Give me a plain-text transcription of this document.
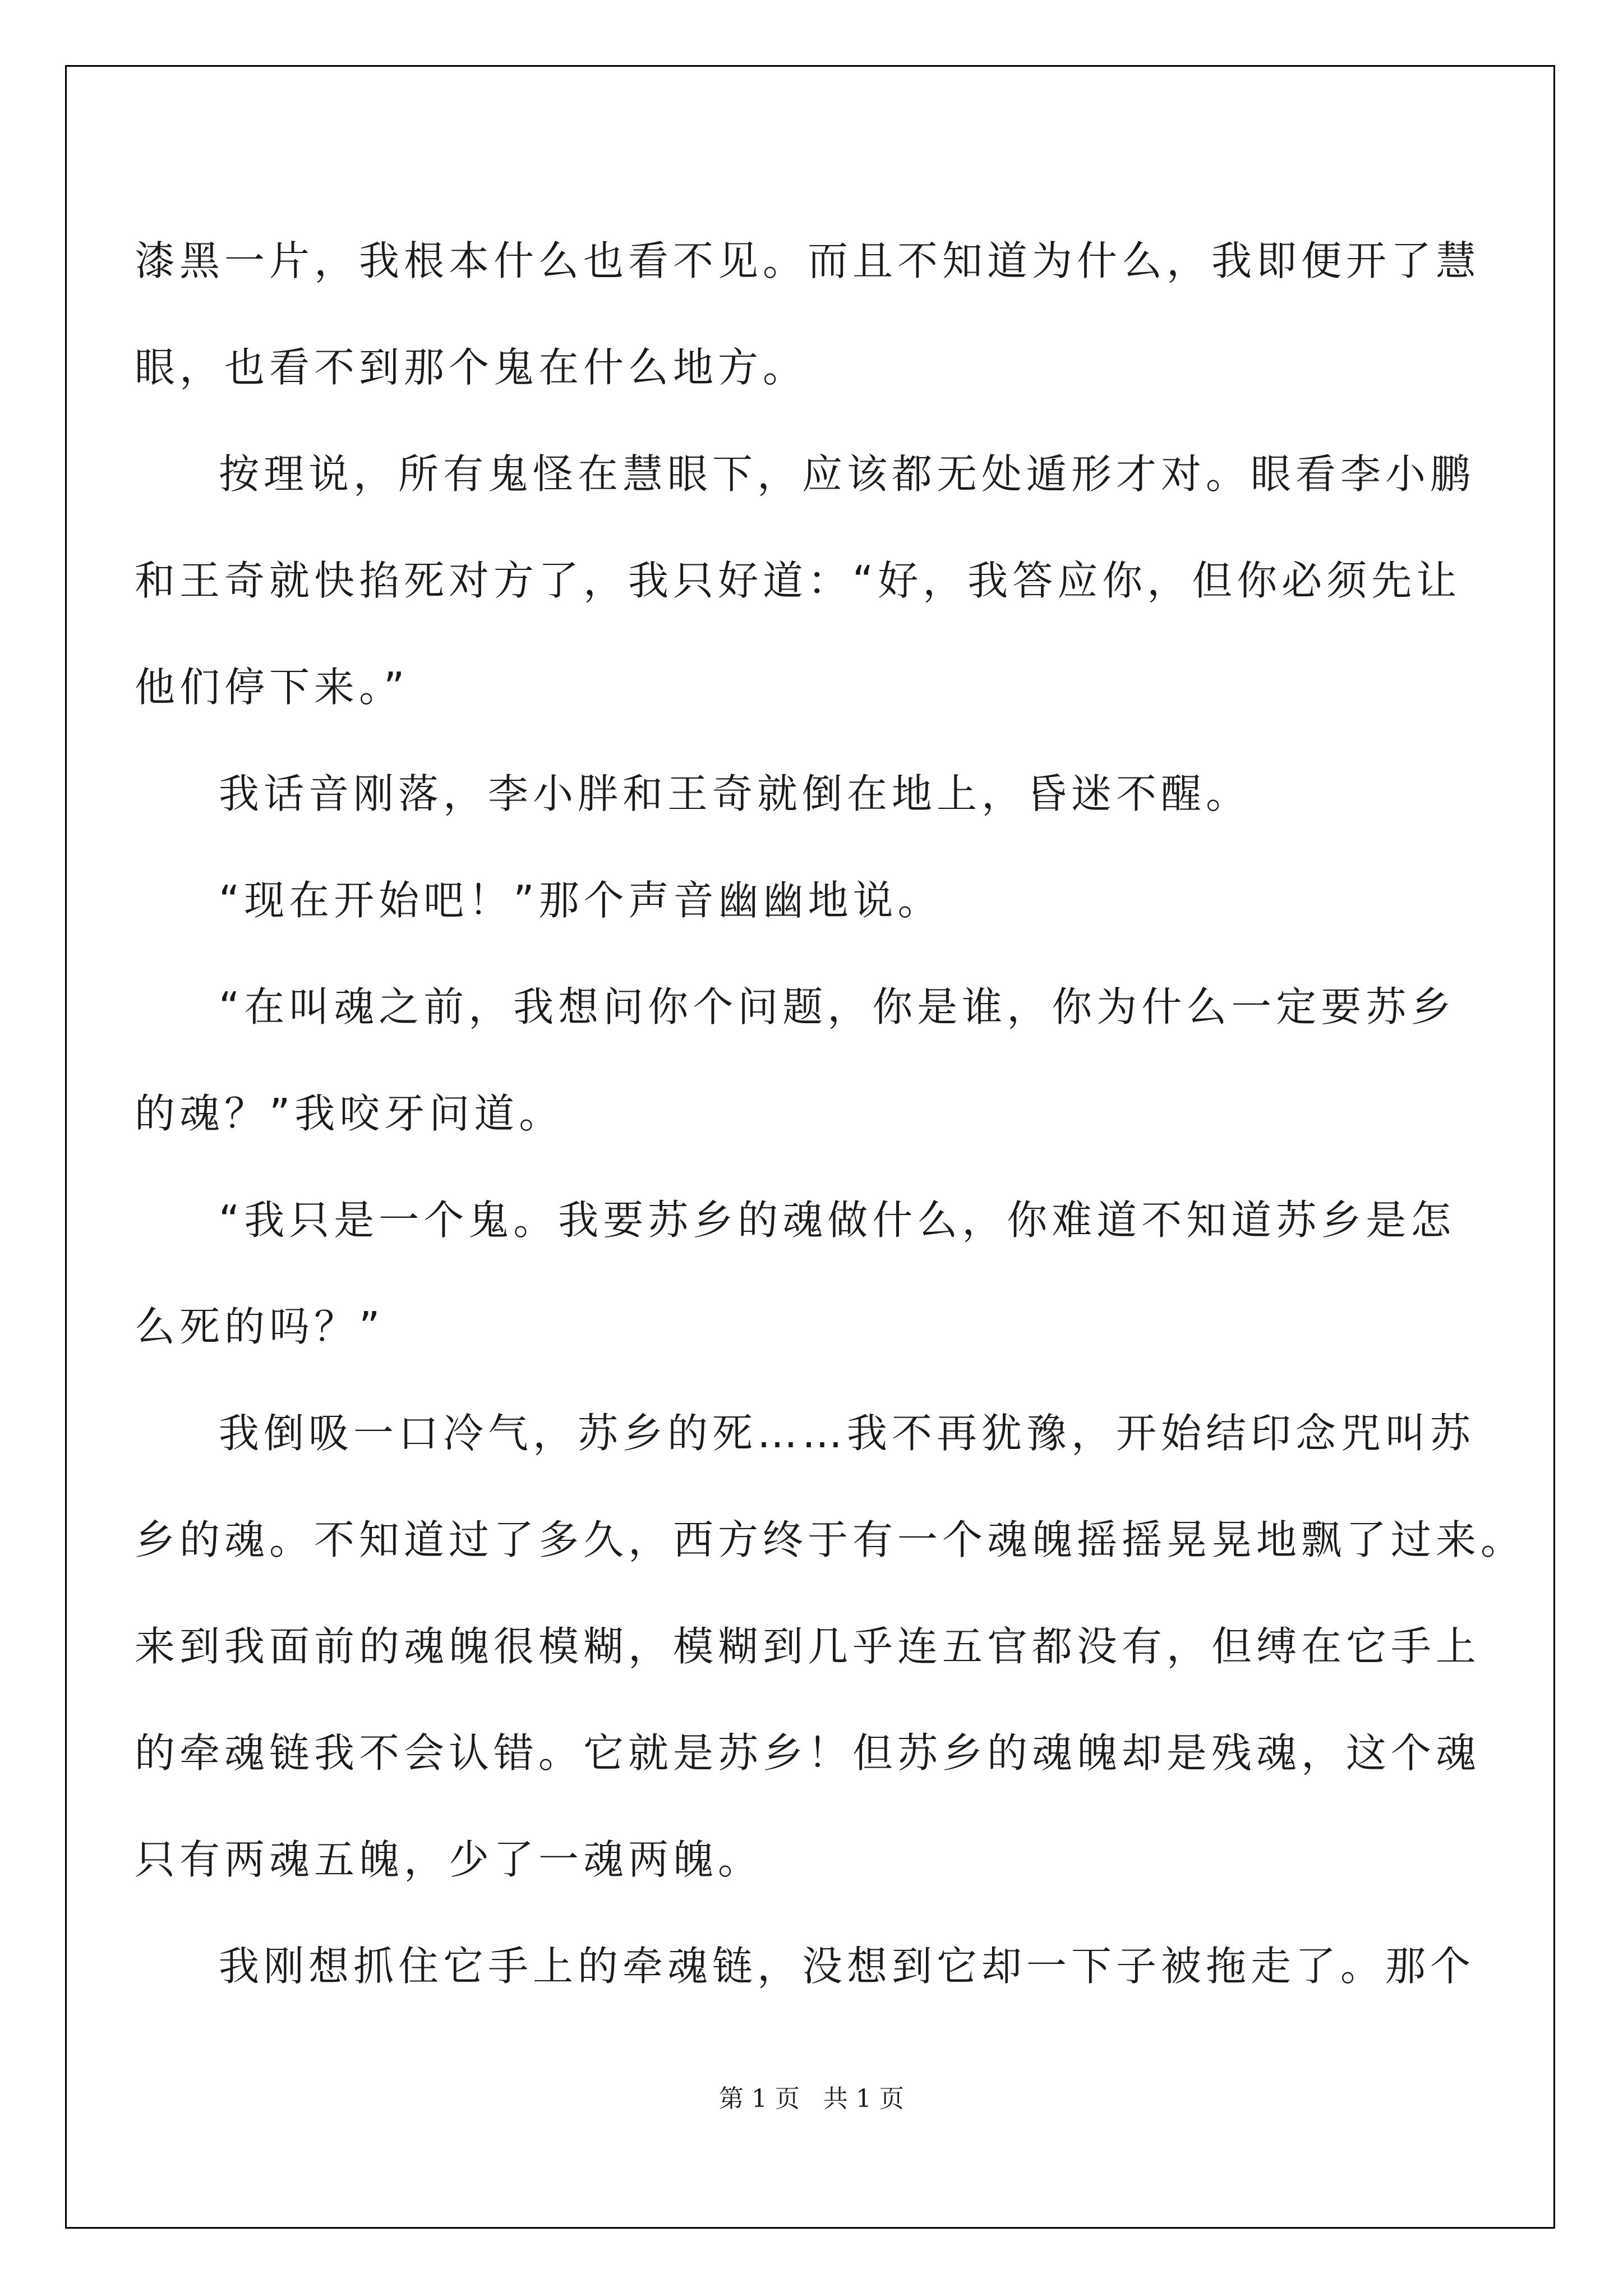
漆黑一片，我根本什么也看不见。而且不知道为什么，我即便开了慧
眼，也看不到那个鬼在什么地方。
按理说，所有鬼怪在慧眼下，应该都无处遁形才对。眼看李小鹏
和王奇就快掐死对方了，我只好道：“好，我答应你，但你必须先让
他们停下来。”
我话音刚落，李小胖和王奇就倒在地上，昏迷不醒。
“现在开始吧！”那个声音幽幽地说。
“在叫魂之前，我想问你个问题，你是谁，你为什么一定要苏乡
的魂？”我咬牙问道。
“我只是一个鬼。我要苏乡的魂做什么，你难道不知道苏乡是怎
么死的吗？”
我倒吸一口冷气，苏乡的死……我不再犹豫，开始结印念咒叫苏
乡的魂。不知道过了多久，西方终于有一个魂魄摇摇晃晃地飘了过来。
来到我面前的魂魄很模糊，模糊到几乎连五官都没有，但缚在它手上
的牵魂链我不会认错。它就是苏乡！但苏乡的魂魄却是残魂，这个魂
只有两魂五魄，少了一魂两魄。
我刚想抓住它手上的牵魂链，没想到它却一下子被拖走了。那个
第 1 页   共 1 页
